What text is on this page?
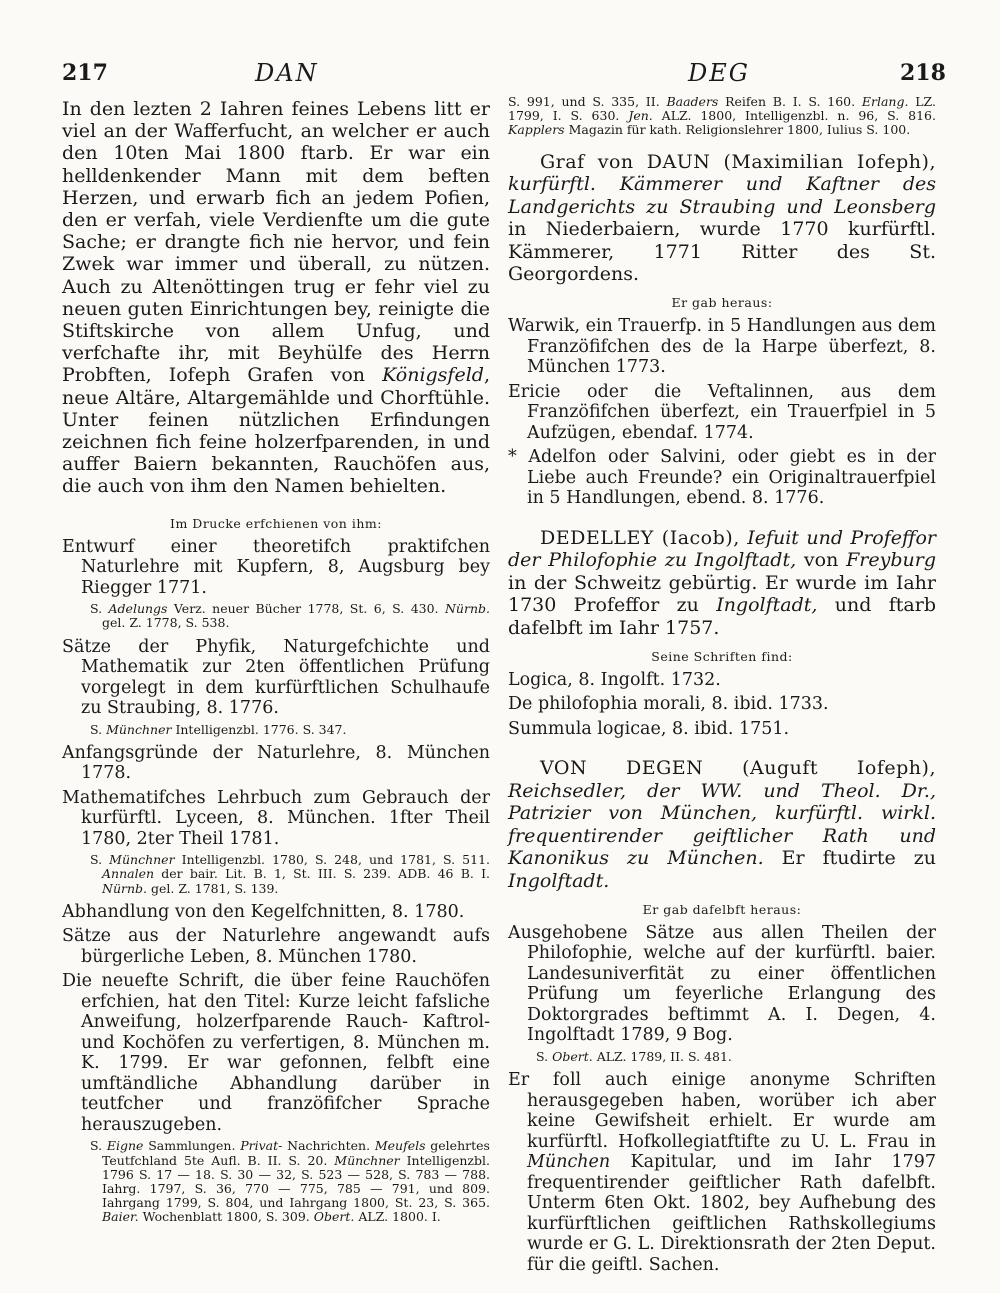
217	DAN	DEG	218

In den lezten 2 Iahren feines Lebens litt er viel an der Wafferfucht, an welcher er auch den 10ten Mai 1800 ftarb. Er war ein helldenkender Mann mit dem beften Herzen, und erwarb fich an jedem Pofien, den er verfah, viele Verdienfte um die gute Sache; er drangte fich nie hervor, und fein Zwek war immer und überall, zu nützen. Auch zu Altenöttingen trug er fehr viel zu neuen guten Einrichtungen bey, reinigte die Stiftskirche von allem Unfug, und verfchafte ihr, mit Beyhülfe des Herrn Probften, Iofeph Grafen von Königsfeld, neue Altäre, Altargemählde und Chorftühle. Unter feinen nützlichen Erfindungen zeichnen fich feine holzerfparenden, in und auffer Baiern bekannten, Rauchöfen aus, die auch von ihm den Namen behielten.

Im Drucke erfchienen von ihm:

Entwurf einer theoretifch praktifchen Naturlehre mit Kupfern, 8, Augsburg bey Riegger 1771.

S. Adelungs Verz. neuer Bücher 1778, St. 6, S. 430. Nürnb. gel. Z. 1778, S. 538.

Sätze der Phyfik, Naturgefchichte und Mathematik zur 2ten öffentlichen Prüfung vorgelegt in dem kurfürftlichen Schulhaufe zu Straubing, 8. 1776.

S. Münchner Intelligenzbl. 1776. S. 347.

Anfangsgründe der Naturlehre, 8. München 1778.

Mathematifches Lehrbuch zum Gebrauch der kurfürftl. Lyceen, 8. München. 1fter Theil 1780, 2ter Theil 1781.

S. Münchner Intelligenzbl. 1780, S. 248, und 1781, S. 511. Annalen der bair. Lit. B. 1, St. III. S. 239. ADB. 46 B. I. Nürnb. gel. Z. 1781, S. 139.

Abhandlung von den Kegelfchnitten, 8. 1780.

Sätze aus der Naturlehre angewandt aufs bürgerliche Leben, 8. München 1780.

Die neuefte Schrift, die über feine Rauchöfen erfchien, hat den Titel: Kurze leicht fafsliche Anweifung, holzerfparende Rauch- Kaftrol- und Kochöfen zu verfertigen, 8. München m. K. 1799. Er war gefonnen, felbft eine umftändliche Abhandlung darüber in teutfcher und franzöfifcher Sprache herauszugeben.

S. Eigne Sammlungen. Privat- Nachrichten. Meufels gelehrtes Teutfchland 5te Aufl. B. II. S. 20. Münchner Intelligenzbl. 1796 S. 17 — 18. S. 30 — 32, S. 523 — 528, S. 783 — 788. Iahrg. 1797, S. 36, 770 — 775, 785 — 791, und 809. Iahrgang 1799, S. 804, und Iahrgang 1800, St. 23, S. 365. Baier. Wochenblatt 1800, S. 309. Obert. ALZ. 1800. I.

S. 991, und S. 335, II. Baaders Reifen B. I. S. 160. Erlang. LZ. 1799, I. S. 630. Jen. ALZ. 1800, Intelligenzbl. n. 96, S. 816. Kapplers Magazin für kath. Religionslehrer 1800, Iulius S. 100.

Graf von DAUN (Maximilian Iofeph), kurfürftl. Kämmerer und Kaftner des Landgerichts zu Straubing und Leonsberg in Niederbaiern, wurde 1770 kurfürftl. Kämmerer, 1771 Ritter des St. Georgordens.

Er gab heraus:

Warwik, ein Trauerfp. in 5 Handlungen aus dem Franzöfifchen des de la Harpe überfezt, 8. München 1773.

Ericie oder die Veftalinnen, aus dem Franzöfifchen überfezt, ein Trauerfpiel in 5 Aufzügen, ebendaf. 1774.

* Adelfon oder Salvini, oder giebt es in der Liebe auch Freunde? ein Originaltrauerfpiel in 5 Handlungen, ebend. 8. 1776.

DEDELLEY (Iacob), Iefuit und Profeffor der Philofophie zu Ingolftadt, von Freyburg in der Schweitz gebürtig. Er wurde im Iahr 1730 Profeffor zu Ingolftadt, und ftarb dafelbft im Iahr 1757.

Seine Schriften find:

Logica, 8. Ingolft. 1732.

De philofophia morali, 8. ibid. 1733.

Summula logicae, 8. ibid. 1751.

VON DEGEN (Auguft Iofeph), Reichsedler, der WW. und Theol. Dr., Patrizier von München, kurfürftl. wirkl. frequentirender geiftlicher Rath und Kanonikus zu München. Er ftudirte zu Ingolftadt.

Er gab dafelbft heraus:

Ausgehobene Sätze aus allen Theilen der Philofophie, welche auf der kurfürftl. baier. Landesuniverfität zu einer öffentlichen Prüfung um feyerliche Erlangung des Doktorgrades beftimmt A. I. Degen, 4. Ingolftadt 1789, 9 Bog.

S. Obert. ALZ. 1789, II. S. 481.

Er foll auch einige anonyme Schriften herausgegeben haben, worüber ich aber keine Gewifsheit erhielt. Er wurde am kurfürftl. Hofkollegiatftifte zu U. L. Frau in München Kapitular, und im Iahr 1797 frequentirender geiftlicher Rath dafelbft. Unterm 6ten Okt. 1802, bey Aufhebung des kurfürftlichen geiftlichen Rathskollegiums wurde er G. L. Direktionsrath der 2ten Deput. für die geiftl. Sachen.
